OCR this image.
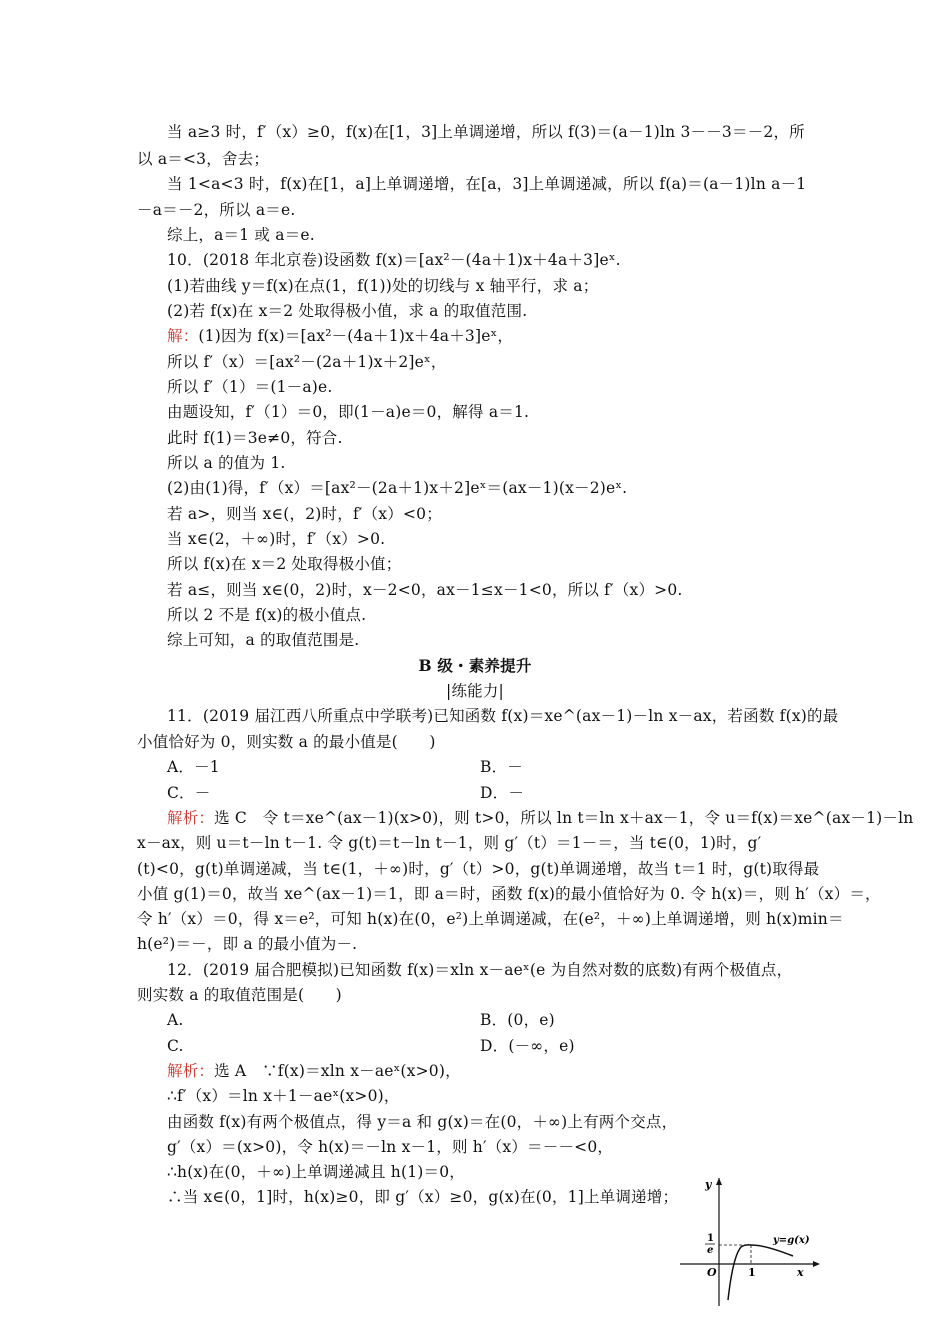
当 a≥3 时，f′（x）≥0，f(x)在[1，3]上单调递增，所以 f(3)＝(a－1)ln 3－－3＝－2，所
以 a＝<3，舍去；
当 1<a<3 时，f(x)在[1，a]上单调递增，在[a，3]上单调递减，所以 f(a)＝(a－1)ln a－1
－a＝－2，所以 a＝e.
综上，a＝1 或 a＝e.
10．(2018 年北京卷)设函数 f(x)＝[ax²－(4a＋1)x＋4a＋3]eˣ.
(1)若曲线 y＝f(x)在点(1，f(1))处的切线与 x 轴平行，求 a；
(2)若 f(x)在 x＝2 处取得极小值，求 a 的取值范围.
解：(1)因为 f(x)＝[ax²－(4a＋1)x＋4a＋3]eˣ，
所以 f′（x）＝[ax²－(2a＋1)x＋2]eˣ，
所以 f′（1）＝(1－a)e.
由题设知，f′（1）＝0，即(1－a)e＝0，解得 a＝1.
此时 f(1)＝3e≠0，符合.
所以 a 的值为 1.
(2)由(1)得，f′（x）＝[ax²－(2a＋1)x＋2]eˣ＝(ax－1)(x－2)eˣ.
若 a>，则当 x∈(，2)时，f′（x）<0；
当 x∈(2，＋∞)时，f′（x）>0.
所以 f(x)在 x＝2 处取得极小值；
若 a≤，则当 x∈(0，2)时，x－2<0，ax－1≤x－1<0，所以 f′（x）>0.
所以 2 不是 f(x)的极小值点.
综上可知，a 的取值范围是.
B 级・素养提升
|练能力|
11．(2019 届江西八所重点中学联考)已知函数 f(x)＝xe^(ax－1)－ln x－ax，若函数 f(x)的最
小值恰好为 0，则实数 a 的最小值是(　　)
A．－1	B．－
C．－	D．－
解析：选 C　令 t＝xe^(ax－1)(x>0)，则 t>0，所以 ln t＝ln x＋ax－1，令 u＝f(x)＝xe^(ax－1)－ln
x－ax，则 u＝t－ln t－1. 令 g(t)＝t－ln t－1，则 g′（t）＝1－＝，当 t∈(0，1)时，g′
(t)<0，g(t)单调递减，当 t∈(1，＋∞)时，g′（t）>0，g(t)单调递增，故当 t＝1 时，g(t)取得最
小值 g(1)＝0，故当 xe^(ax－1)＝1，即 a＝时，函数 f(x)的最小值恰好为 0. 令 h(x)＝，则 h′（x）＝，
令 h′（x）＝0，得 x＝e²，可知 h(x)在(0，e²)上单调递减，在(e²，＋∞)上单调递增，则 h(x)min＝
h(e²)＝－，即 a 的最小值为－.
12．(2019 届合肥模拟)已知函数 f(x)＝xln x－aeˣ(e 为自然对数的底数)有两个极值点，
则实数 a 的取值范围是(　　)
A.	B．(0，e)
C.	D．(－∞，e)
解析：选 A　∵f(x)＝xln x－aeˣ(x>0)，
∴f′（x）＝ln x＋1－aeˣ(x>0)，
由函数 f(x)有两个极值点，得 y＝a 和 g(x)＝在(0，＋∞)上有两个交点，
g′（x）＝(x>0)，令 h(x)＝－ln x－1，则 h′（x）＝－－<0，
∴h(x)在(0，＋∞)上单调递减且 h(1)＝0，
∴当 x∈(0，1]时，h(x)≥0，即 g′（x）≥0，g(x)在(0，1]上单调递增；
y
x
O	1
1
e
y=g(x)
